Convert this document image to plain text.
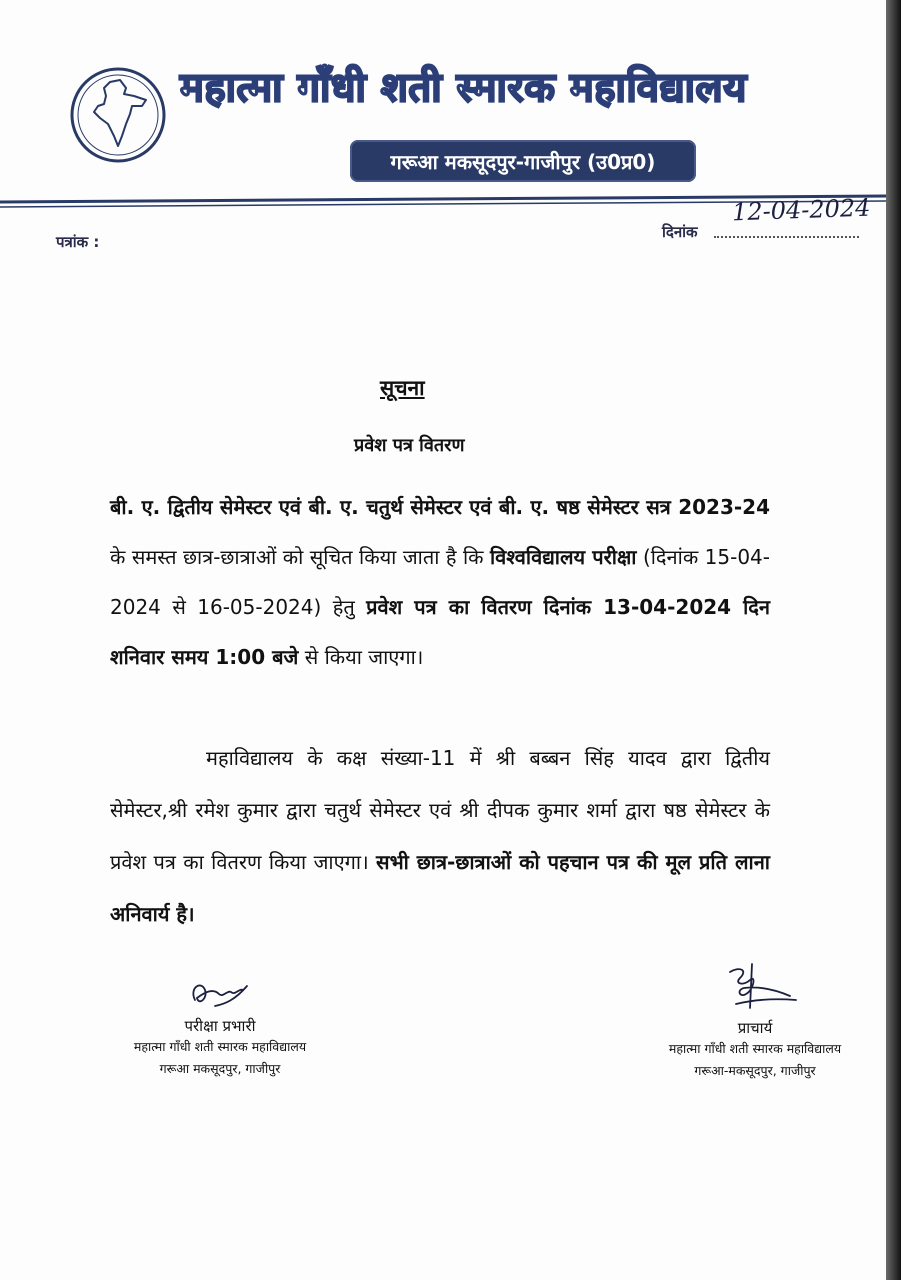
महात्मा गाँधी शती स्मारक महाविद्यालय
गरूआ मकसूदपुर-गाजीपुर (उ0प्र0)
पत्रांक :
दिनांक
12-04-2024
सूचना
प्रवेश पत्र वितरण
बी. ए. द्वितीय सेमेस्टर एवं बी. ए. चतुर्थ सेमेस्टर एवं बी. ए. षष्ठ सेमेस्टर सत्र 2023-24 के समस्त छात्र-छात्राओं को सूचित किया जाता है कि विश्वविद्यालय परीक्षा (दिनांक 15-04-2024 से 16-05-2024) हेतु प्रवेश पत्र का वितरण दिनांक 13-04-2024 दिन शनिवार समय 1:00 बजे से किया जाएगा।
महाविद्यालय के कक्ष संख्या-11 में श्री बब्बन सिंह यादव द्वारा द्वितीय सेमेस्टर,श्री रमेश कुमार द्वारा चतुर्थ सेमेस्टर एवं श्री दीपक कुमार शर्मा द्वारा षष्ठ सेमेस्टर के प्रवेश पत्र का वितरण किया जाएगा। सभी छात्र-छात्राओं को पहचान पत्र की मूल प्रति लाना अनिवार्य है।
परीक्षा प्रभारी
महात्मा गाँधी शती स्मारक महाविद्यालय
गरूआ मकसूदपुर, गाजीपुर
प्राचार्य
महात्मा गाँधी शती स्मारक महाविद्यालय
गरूआ-मकसूदपुर, गाजीपुर
